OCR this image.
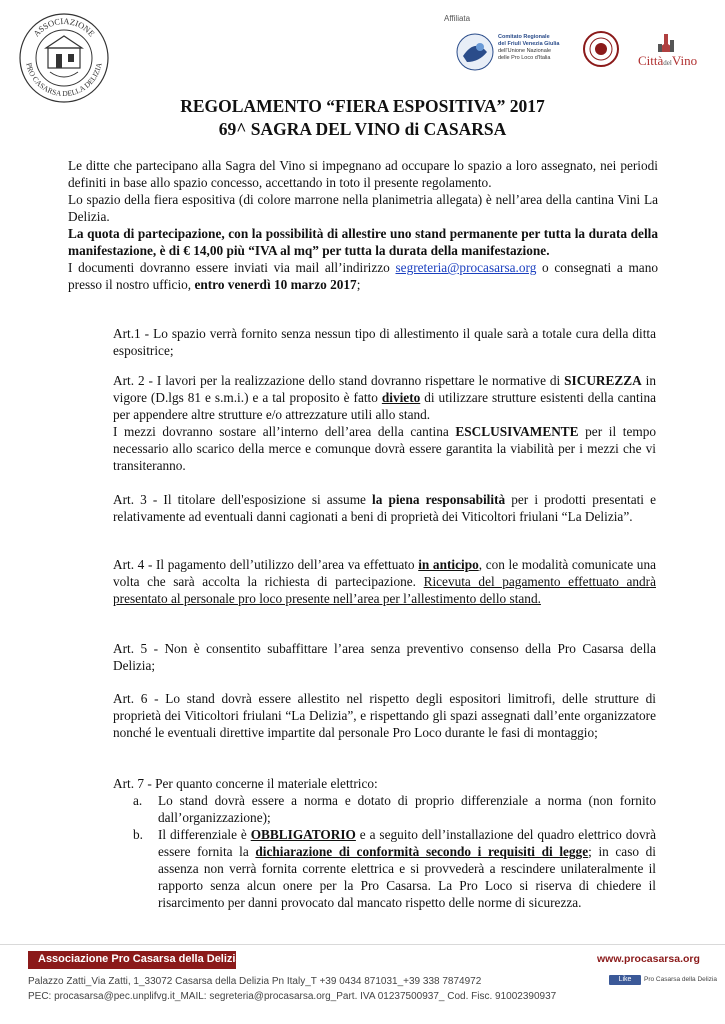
ASSOCIAZIONE
PRO CASARSA DELLA DELIZIA
Affiliata
Comitato Regionale
del Friuli Venezia Giulia
dell'Unione Nazionale
delle Pro Loco d'Italia	CittàdelVino
REGOLAMENTO “FIERA ESPOSITIVA” 2017
69^ SAGRA DEL VINO di CASARSA

Le ditte che partecipano alla Sagra del Vino si impegnano ad occupare lo spazio a loro assegnato, nei periodi definiti in base allo spazio concesso, accettando in toto il presente regolamento.

Lo spazio della fiera espositiva (di colore marrone nella planimetria allegata) è nell’area della cantina Vini La Delizia.

La quota di partecipazione, con la possibilità di allestire uno stand permanente per tutta la durata della manifestazione, è di € 14,00 più “IVA al mq” per tutta la durata della manifestazione.

I documenti dovranno essere inviati via mail all’indirizzo segreteria@procasarsa.org o consegnati a mano presso il nostro ufficio, entro venerdì 10 marzo 2017;

Art.1 - Lo spazio verrà fornito senza nessun tipo di allestimento il quale sarà a totale cura della ditta espositrice;

Art. 2 - I lavori per la realizzazione dello stand dovranno rispettare le normative di SICUREZZA in vigore (D.lgs 81 e s.m.i.) e a tal proposito è fatto divieto di utilizzare strutture esistenti della cantina per appendere altre strutture e/o attrezzature utili allo stand.

I mezzi dovranno sostare all’interno dell’area della cantina ESCLUSIVAMENTE per il tempo necessario allo scarico della merce e comunque dovrà essere garantita la viabilità per i mezzi che vi transiteranno.

Art. 3 - Il titolare dell'esposizione si assume la piena responsabilità per i prodotti presentati e relativamente ad eventuali danni cagionati a beni di proprietà dei Viticoltori friulani “La Delizia”.

Art. 4 - Il pagamento dell’utilizzo dell’area va effettuato in anticipo, con le modalità comunicate una volta che sarà accolta la richiesta di partecipazione. Ricevuta del pagamento effettuato andrà presentato al personale pro loco presente nell’area per l’allestimento dello stand.

Art. 5 - Non è consentito subaffittare l’area senza preventivo consenso della Pro Casarsa della Delizia;

Art. 6 - Lo stand dovrà essere allestito nel rispetto degli espositori limitrofi, delle strutture di proprietà dei Viticoltori friulani “La Delizia”, e rispettando gli spazi assegnati dall’ente organizzatore nonché le eventuali direttive impartite dal personale Pro Loco durante le fasi di montaggio;

Art. 7 - Per quanto concerne il materiale elettrico:

a. Lo stand dovrà essere a norma e dotato di proprio differenziale a norma (non fornito dall’organizzazione);
b. Il differenziale è OBBLIGATORIO e a seguito dell’installazione del quadro elettrico dovrà essere fornita la dichiarazione di conformità secondo i requisiti di legge; in caso di assenza non verrà fornita corrente elettrica e si provvederà a rescindere unilateralmente il rapporto senza alcun onere per la Pro Casarsa. La Pro Loco si riserva di chiedere il risarcimento per danni provocato dal mancato rispetto delle norme di sicurezza.
Associazione Pro Casarsa della Delizia	www.procasarsa.org
Palazzo Zatti_Via Zatti, 1_33072 Casarsa della Delizia Pn Italy_T +39 0434 871031_+39 338 7874972
PEC: procasarsa@pec.unplifvg.it_MAIL: segreteria@procasarsa.org_Part. IVA 01237500937_ Cod. Fisc. 91002390937
Like	Pro Casarsa della Delizia
